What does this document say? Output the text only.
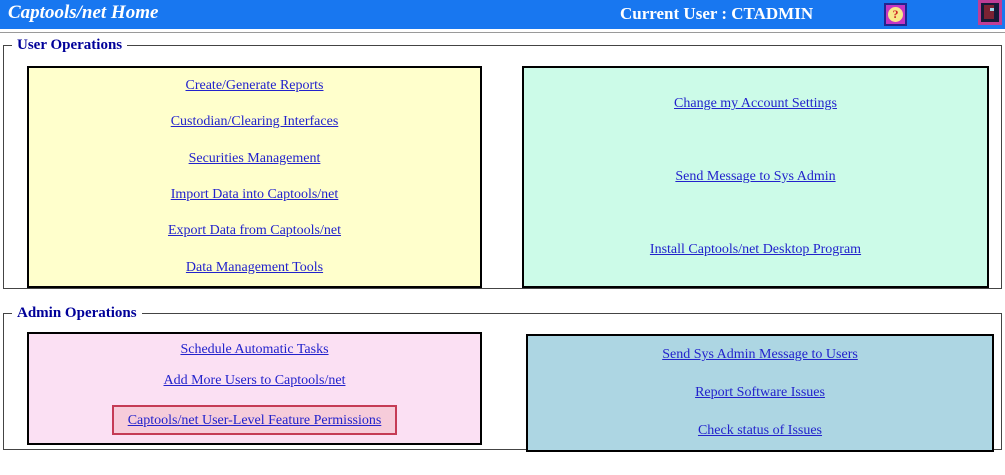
Captools/net Home	Current User : CTADMIN	?
User Operations
Create/Generate Reports
Custodian/Clearing Interfaces
Securities Management
Import Data into Captools/net
Export Data from Captools/net
Data Management Tools
Change my Account Settings
Send Message to Sys Admin
Install Captools/net Desktop Program
Admin Operations
Schedule Automatic Tasks
Add More Users to Captools/net
Captools/net User-Level Feature Permissions
Send Sys Admin Message to Users
Report Software Issues
Check status of Issues
